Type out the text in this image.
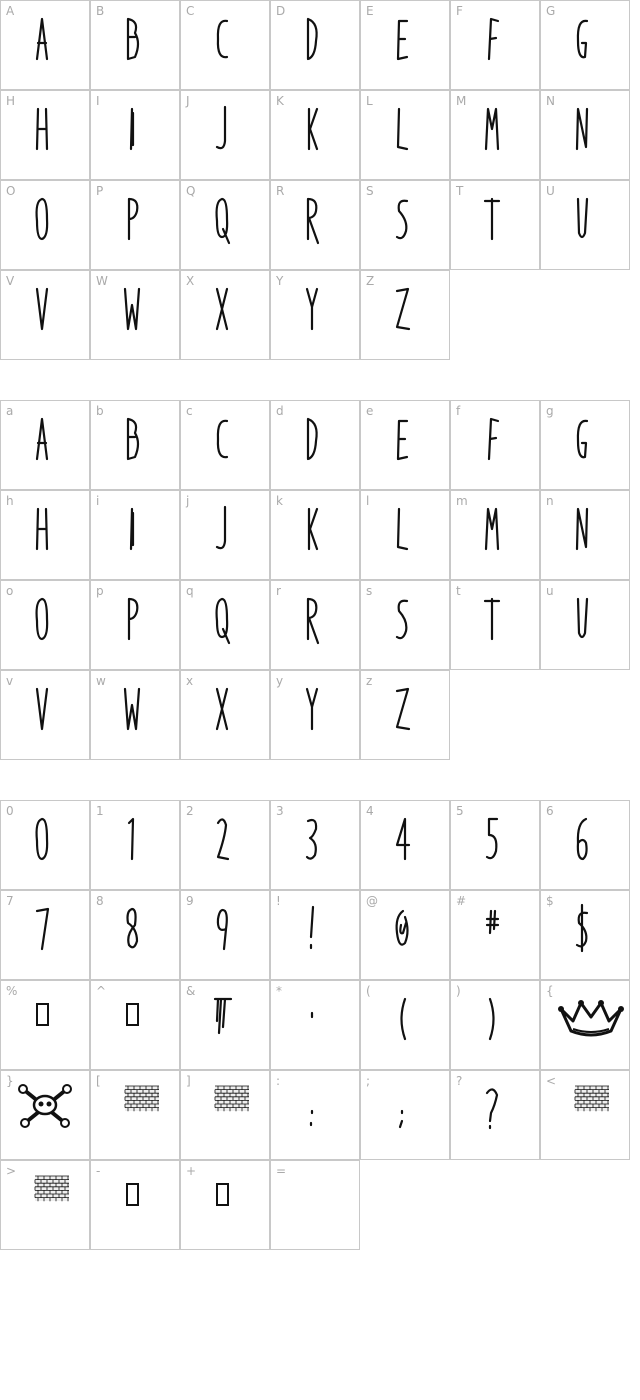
A	B	C	D	E	F	G
H	I	J	K	L	M	N
O	P	Q	R	S	T	U
V	W	X	Y	Z
a	b	c	d	e	f	g
h	i	j	k	l	m	n
o	p	q	r	s	t	u
v	w	x	y	z
0	1	2	3	4	5	6
7	8	9	!	@	#	$
%	^	&	*	(	)	{
}	[	]	:	;	?	<
>	-	+	=
